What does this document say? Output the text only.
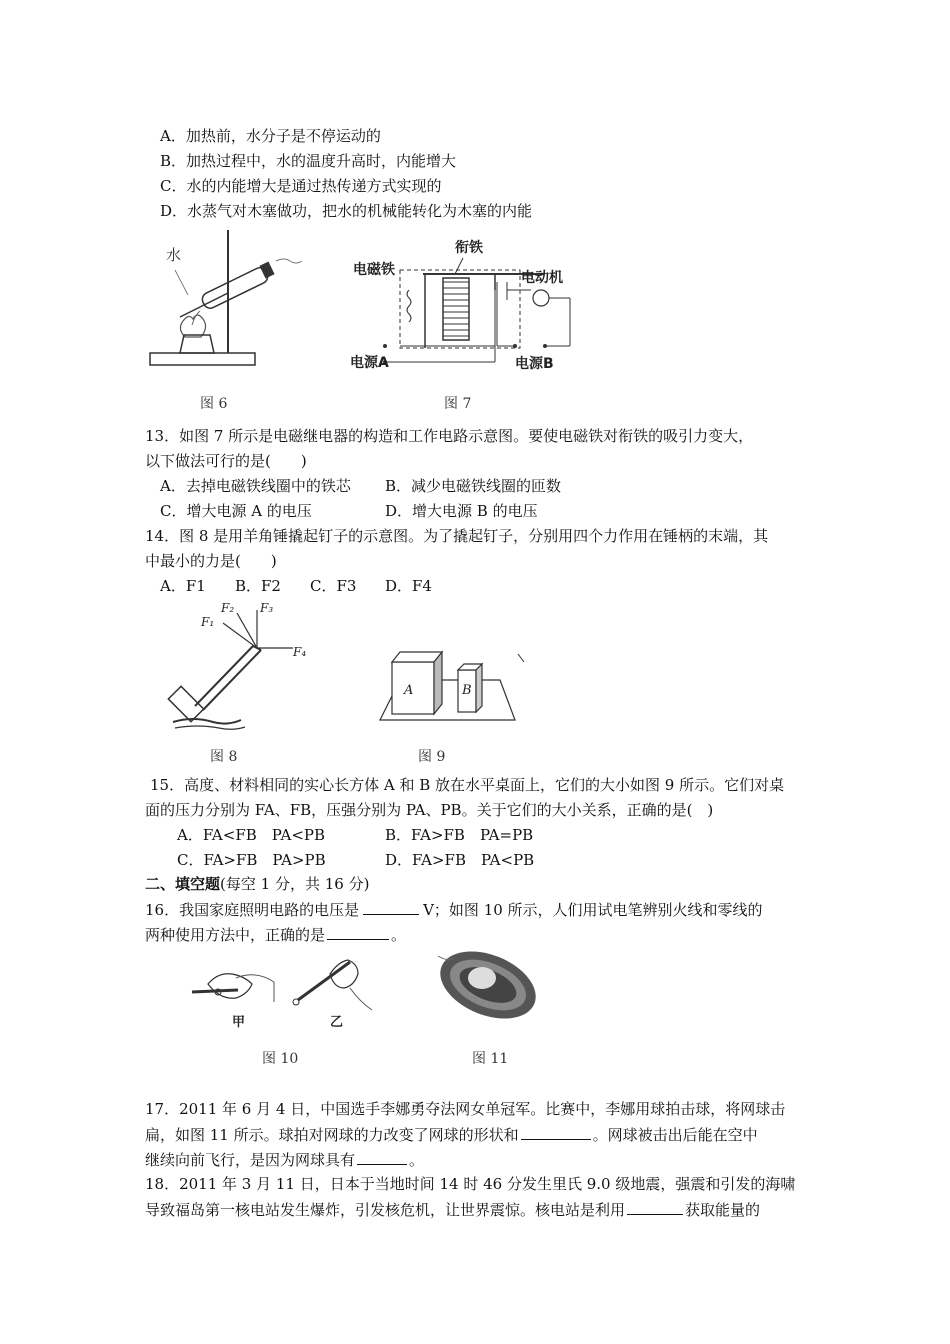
A．加热前，水分子是不停运动的
B．加热过程中，水的温度升高时，内能增大
C．水的内能增大是通过热传递方式实现的
D．水蒸气对木塞做功，把水的机械能转化为木塞的内能
水
图 6
衔铁
电磁铁	电动机
电源A	电源B
图 7
13．如图 7 所示是电磁继电器的构造和工作电路示意图。要使电磁铁对衔铁的吸引力变大，
以下做法可行的是(　　)
A．去掉电磁铁线圈中的铁芯 B．减少电磁铁线圈的匝数
C．增大电源 A 的电压	D．增大电源 B 的电压
14．图 8 是用羊角锤撬起钉子的示意图。为了撬起钉子，分别用四个力作用在锤柄的末端，其
中最小的力是(　　)
A．F1 B．F2 C．F3 D．F4
F₁
F₂ F₃
F₄
图 8
A	B
图 9
15．高度、材料相同的实心长方体 A 和 B 放在水平桌面上，它们的大小如图 9 所示。它们对桌
面的压力分别为 FA、FB，压强分别为 PA、PB。关于它们的大小关系，正确的是(　)
A．FA<FB　PA<PB	B．FA>FB　PA=PB
C．FA>FB　PA>PB	D．FA>FB　PA<PB
二、填空题(每空 1 分，共 16 分)
16．我国家庭照明电路的电压是	V；如图 10 所示，人们用试电笔辨别火线和零线的
两种使用方法中，正确的是	。
甲	乙
图 10	图 11
17．2011 年 6 月 4 日，中国选手李娜勇夺法网女单冠军。比赛中，李娜用球拍击球，将网球击
扁，如图 11 所示。球拍对网球的力改变了网球的形状和	。网球被击出后能在空中
继续向前飞行，是因为网球具有	。
18．2011 年 3 月 11 日，日本于当地时间 14 时 46 分发生里氏 9.0 级地震，强震和引发的海啸
导致福岛第一核电站发生爆炸，引发核危机，让世界震惊。核电站是利用	获取能量的
